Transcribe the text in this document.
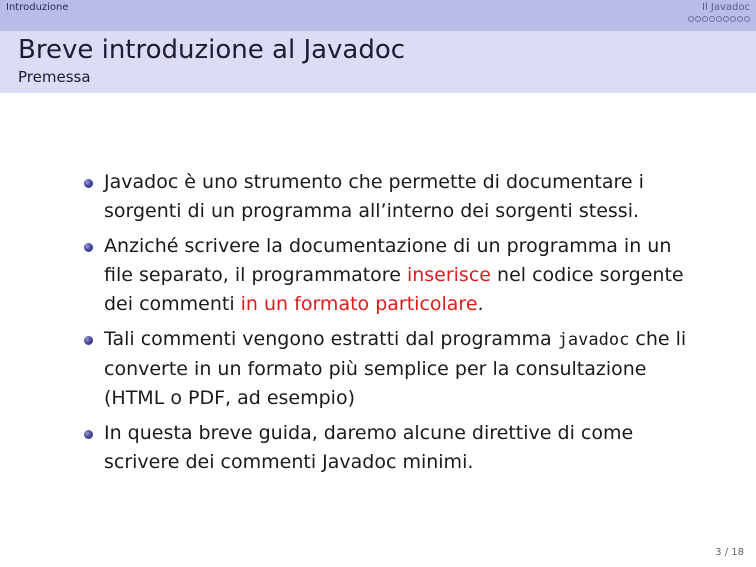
Introduzione	Il Javadoc
Breve introduzione al Javadoc
Premessa
Javadoc è uno strumento che permette di documentare i sorgenti di un programma all’interno dei sorgenti stessi.
Anziché scrivere la documentazione di un programma in un file separato, il programmatore inserisce nel codice sorgente dei commenti in un formato particolare.
Tali commenti vengono estratti dal programma javadoc che li converte in un formato più semplice per la consultazione (HTML o PDF, ad esempio)
In questa breve guida, daremo alcune direttive di come scrivere dei commenti Javadoc minimi.
3 / 18
